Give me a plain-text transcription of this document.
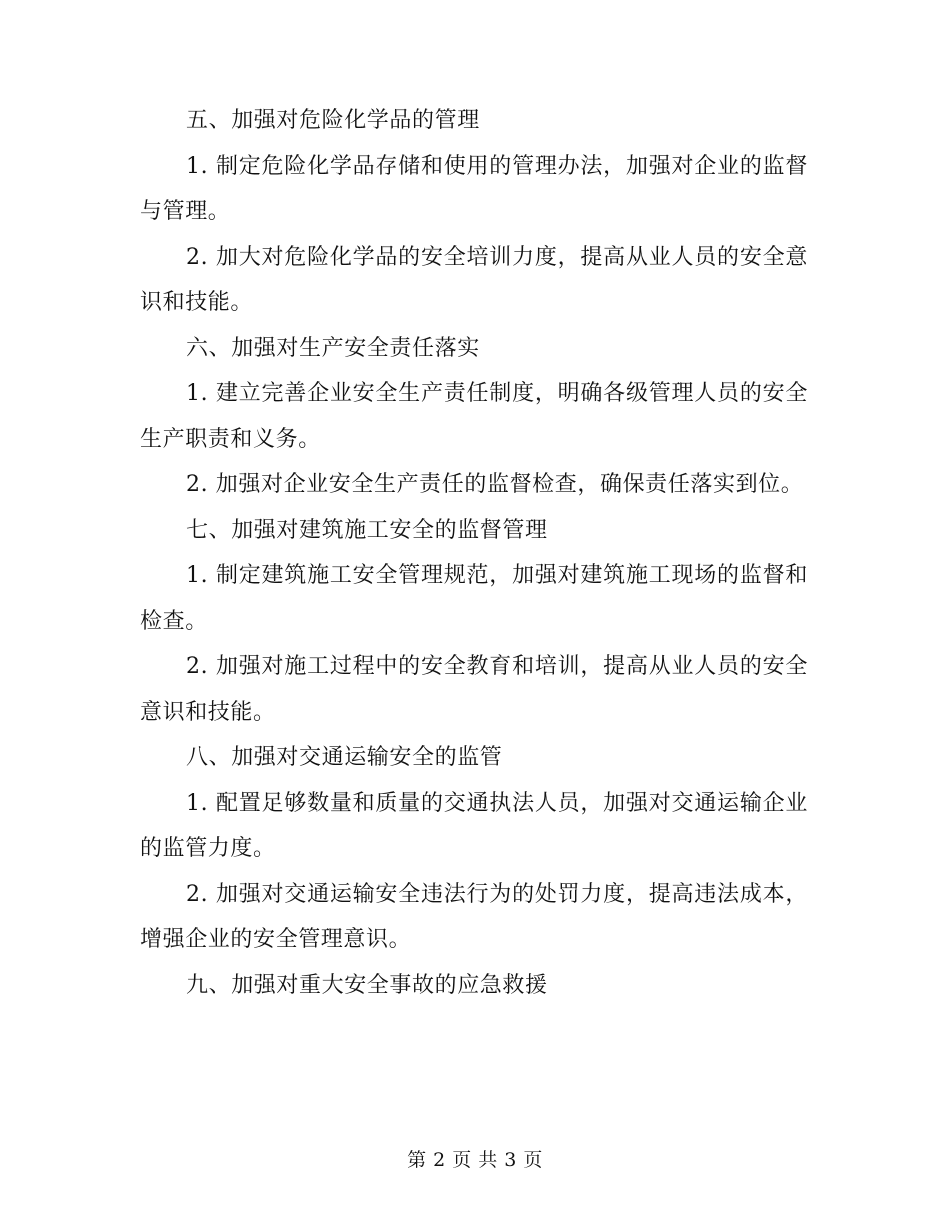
五、加强对危险化学品的管理

1. 制定危险化学品存储和使用的管理办法，加强对企业的监督与管理。

2. 加大对危险化学品的安全培训力度，提高从业人员的安全意识和技能。

六、加强对生产安全责任落实

1. 建立完善企业安全生产责任制度，明确各级管理人员的安全生产职责和义务。

2. 加强对企业安全生产责任的监督检查，确保责任落实到位。

七、加强对建筑施工安全的监督管理

1. 制定建筑施工安全管理规范，加强对建筑施工现场的监督和检查。

2. 加强对施工过程中的安全教育和培训，提高从业人员的安全意识和技能。

八、加强对交通运输安全的监管

1. 配置足够数量和质量的交通执法人员，加强对交通运输企业的监管力度。

2. 加强对交通运输安全违法行为的处罚力度，提高违法成本，增强企业的安全管理意识。

九、加强对重大安全事故的应急救援

第 2 页 共 3 页
